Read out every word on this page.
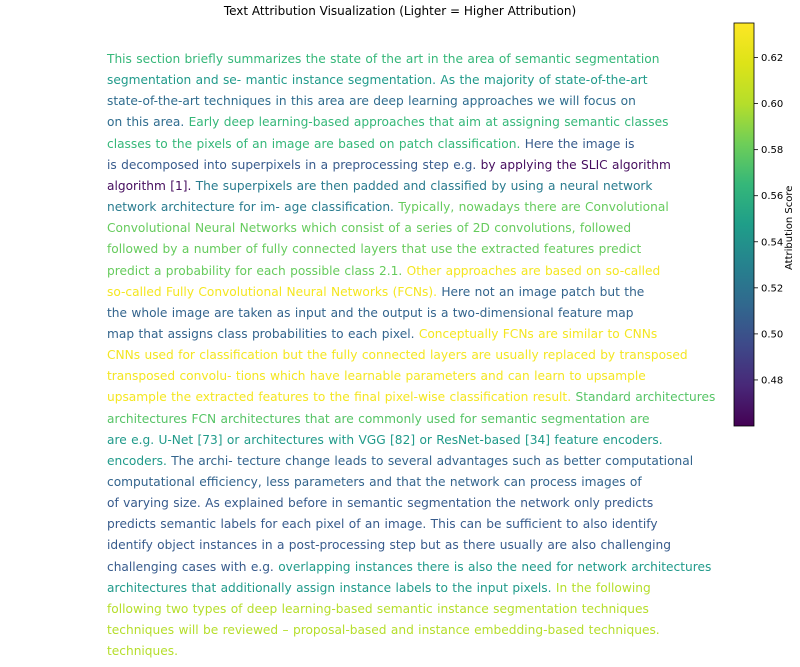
Text Attribution Visualization (Lighter = Higher Attribution)
This section briefly summarizes the state of the art in the area of semantic segmentation
segmentation and se- mantic instance segmentation. As the majority of state-of-the-art
state-of-the-art techniques in this area are deep learning approaches we will focus on
on this area. Early deep learning-based approaches that aim at assigning semantic classes
classes to the pixels of an image are based on patch classification. Here the image is
is decomposed into superpixels in a preprocessing step e.g. by applying the SLIC algorithm
algorithm [1]. The superpixels are then padded and classified by using a neural network
network architecture for im- age classification. Typically, nowadays there are Convolutional
Convolutional Neural Networks which consist of a series of 2D convolutions, followed
followed by a number of fully connected layers that use the extracted features predict
predict a probability for each possible class 2.1. Other approaches are based on so-called
so-called Fully Convolutional Neural Networks (FCNs). Here not an image patch but the
the whole image are taken as input and the output is a two-dimensional feature map
map that assigns class probabilities to each pixel. Conceptually FCNs are similar to CNNs
CNNs used for classification but the fully connected layers are usually replaced by transposed
transposed convolu- tions which have learnable parameters and can learn to upsample
upsample the extracted features to the final pixel-wise classification result. Standard architectures
architectures FCN architectures that are commonly used for semantic segmentation are
are e.g. U-Net [73] or architectures with VGG [82] or ResNet-based [34] feature encoders.
encoders. The archi- tecture change leads to several advantages such as better computational
computational efficiency, less parameters and that the network can process images of
of varying size. As explained before in semantic segmentation the network only predicts
predicts semantic labels for each pixel of an image. This can be sufficient to also identify
identify object instances in a post-processing step but as there usually are also challenging
challenging cases with e.g. overlapping instances there is also the need for network architectures
architectures that additionally assign instance labels to the input pixels. In the following
following two types of deep learning-based semantic instance segmentation techniques
techniques will be reviewed – proposal-based and instance embedding-based techniques.
techniques.
0.48
0.50
0.52
0.54
0.56
0.58
0.60
0.62
Attribution Score
